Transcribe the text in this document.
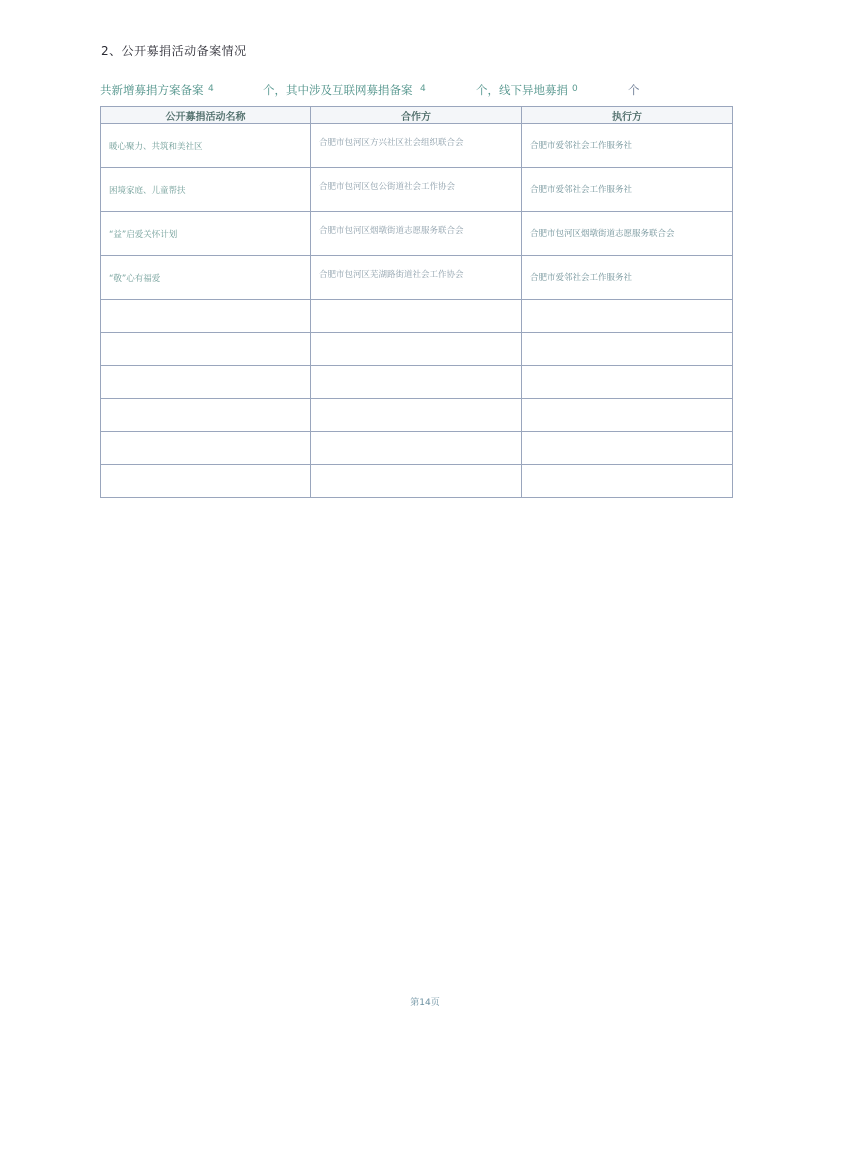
2、公开募捐活动备案情况
共新增募捐方案备案 4	个，其中涉及互联网募捐备案 4	个，线下异地募捐 0	个
公开募捐活动名称	合作方	执行方

暖心聚力、共筑和美社区	合肥市包河区方兴社区社会组织联合会	合肥市爱邻社会工作服务社

困境家庭、儿童帮扶	合肥市包河区包公街道社会工作协会	合肥市爱邻社会工作服务社

“益”启爱关怀计划	合肥市包河区烟墩街道志愿服务联合会	合肥市包河区烟墩街道志愿服务联合会

“敬”心有福爱	合肥市包河区芜湖路街道社会工作协会	合肥市爱邻社会工作服务社

第14页
